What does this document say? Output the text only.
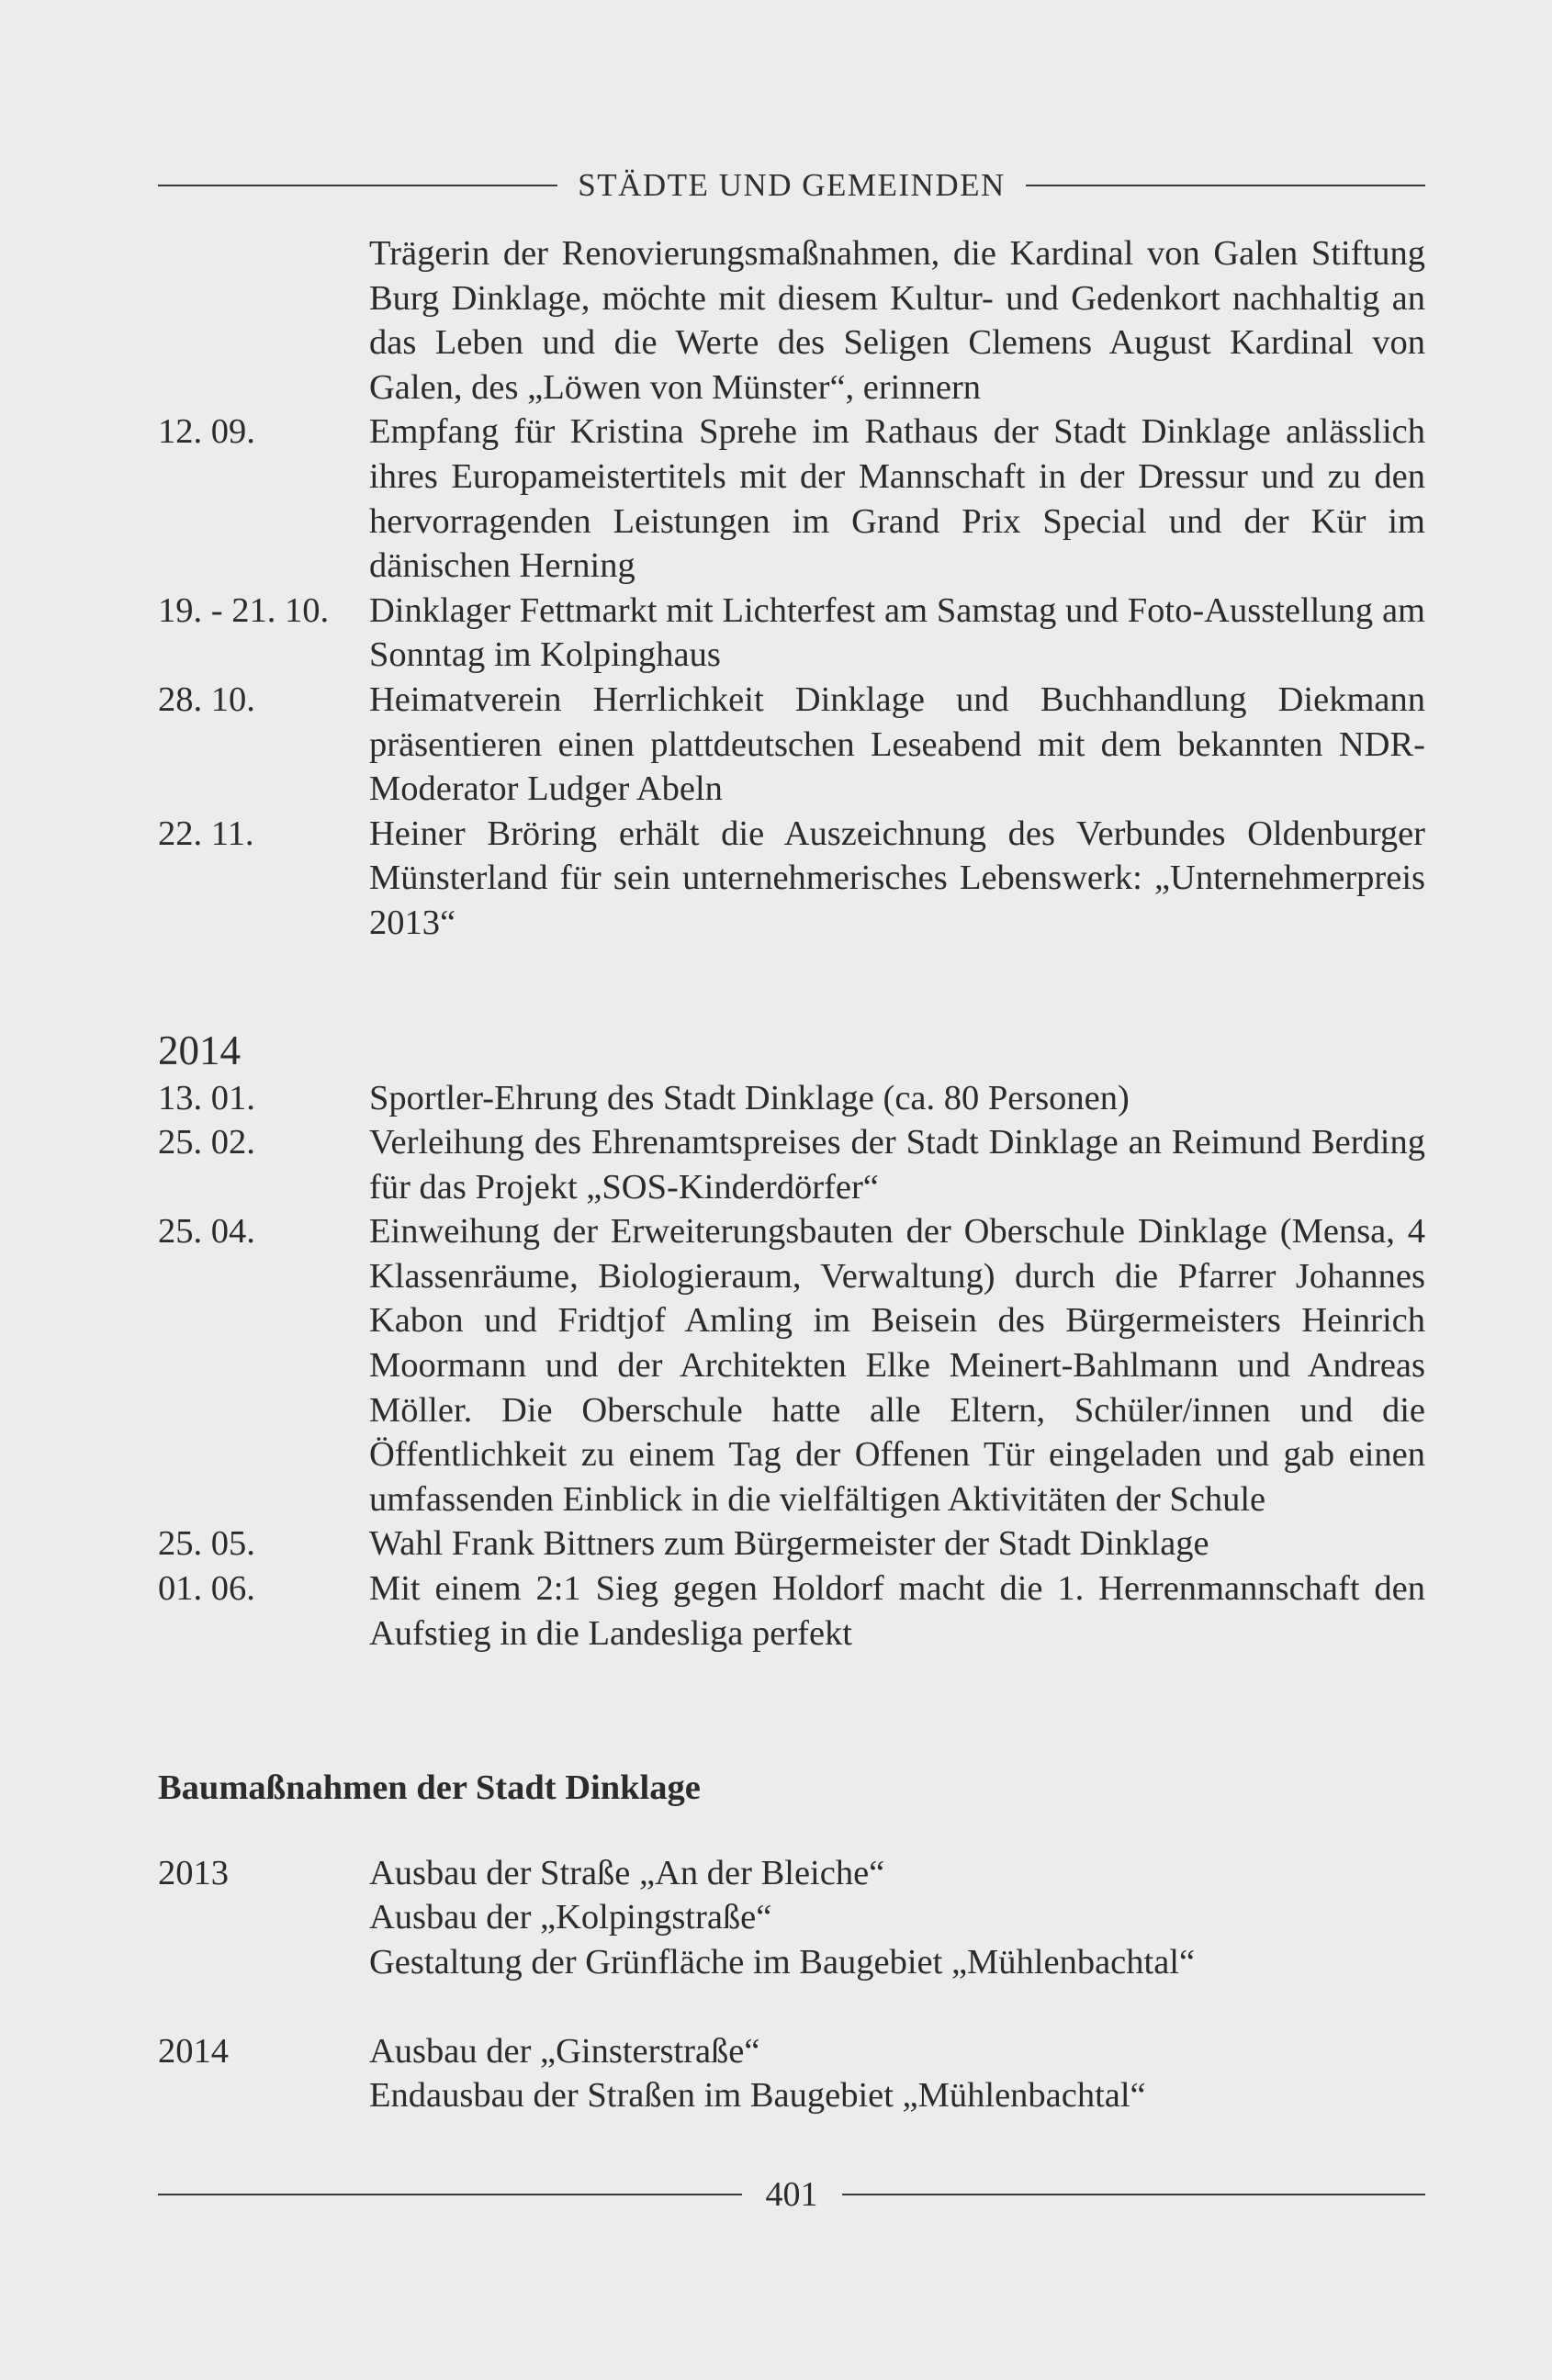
STÄDTE UND GEMEINDEN
Trägerin der Renovierungsmaßnahmen, die Kardinal von Galen Stiftung Burg Dinklage, möchte mit diesem Kultur- und Gedenkort nachhaltig an das Leben und die Werte des Seligen Clemens August Kardinal von Galen, des „Löwen von Münster“, erinnern
12. 09.	Empfang für Kristina Sprehe im Rathaus der Stadt Dinklage anlässlich ihres Europameistertitels mit der Mannschaft in der Dressur und zu den hervorragenden Leistungen im Grand Prix Special und der Kür im dänischen Herning
19. - 21. 10.	Dinklager Fettmarkt mit Lichterfest am Samstag und Foto-Ausstellung am Sonntag im Kolpinghaus
28. 10.	Heimatverein Herrlichkeit Dinklage und Buchhandlung Diekmann präsentieren einen plattdeutschen Leseabend mit dem bekannten NDR-Moderator Ludger Abeln
22. 11.	Heiner Bröring erhält die Auszeichnung des Verbundes Oldenburger Münsterland für sein unternehmerisches Lebenswerk: „Unternehmerpreis 2013“
2014
13. 01.	Sportler-Ehrung des Stadt Dinklage (ca. 80 Personen)
25. 02.	Verleihung des Ehrenamtspreises der Stadt Dinklage an Reimund Berding für das Projekt „SOS-Kinderdörfer“
25. 04.	Einweihung der Erweiterungsbauten der Oberschule Dinklage (Mensa, 4 Klassenräume, Biologieraum, Verwaltung) durch die Pfarrer Johannes Kabon und Fridtjof Amling im Beisein des Bürgermeisters Heinrich Moormann und der Architekten Elke Meinert-Bahlmann und Andreas Möller. Die Oberschule hatte alle Eltern, Schüler/innen und die Öffentlichkeit zu einem Tag der Offenen Tür eingeladen und gab einen umfassenden Einblick in die vielfältigen Aktivitäten der Schule
25. 05.	Wahl Frank Bittners zum Bürgermeister der Stadt Dinklage
01. 06.	Mit einem 2:1 Sieg gegen Holdorf macht die 1. Herrenmannschaft den Aufstieg in die Landesliga perfekt
Baumaßnahmen der Stadt Dinklage
2013	Ausbau der Straße „An der Bleiche“
Ausbau der „Kolpingstraße“
Gestaltung der Grünfläche im Baugebiet „Mühlenbachtal“
2014	Ausbau der „Ginsterstraße“
Endausbau der Straßen im Baugebiet „Mühlenbachtal“
401
